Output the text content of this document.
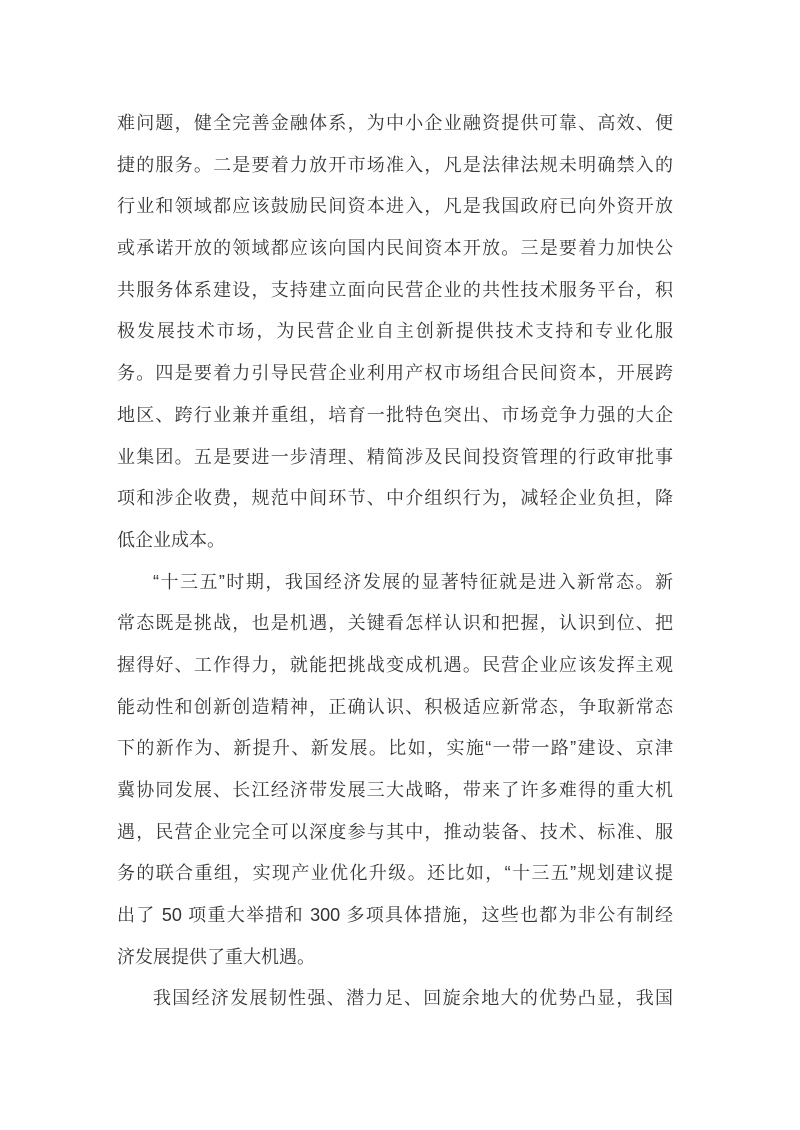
难问题，健全完善金融体系，为中小企业融资提供可靠、高效、便
捷的服务。二是要着力放开市场准入，凡是法律法规未明确禁入的
行业和领域都应该鼓励民间资本进入，凡是我国政府已向外资开放
或承诺开放的领域都应该向国内民间资本开放。三是要着力加快公
共服务体系建设，支持建立面向民营企业的共性技术服务平台，积
极发展技术市场，为民营企业自主创新提供技术支持和专业化服
务。四是要着力引导民营企业利用产权市场组合民间资本，开展跨
地区、跨行业兼并重组，培育一批特色突出、市场竞争力强的大企
业集团。五是要进一步清理、精简涉及民间投资管理的行政审批事
项和涉企收费，规范中间环节、中介组织行为，减轻企业负担，降
低企业成本。
“十三五”时期，我国经济发展的显著特征就是进入新常态。新
常态既是挑战，也是机遇，关键看怎样认识和把握，认识到位、把
握得好、工作得力，就能把挑战变成机遇。民营企业应该发挥主观
能动性和创新创造精神，正确认识、积极适应新常态，争取新常态
下的新作为、新提升、新发展。比如，实施“一带一路”建设、京津
冀协同发展、长江经济带发展三大战略，带来了许多难得的重大机
遇，民营企业完全可以深度参与其中，推动装备、技术、标准、服
务的联合重组，实现产业优化升级。还比如，“十三五”规划建议提
出了 50 项重大举措和 300 多项具体措施，这些也都为非公有制经
济发展提供了重大机遇。
我国经济发展韧性强、潜力足、回旋余地大的优势凸显，我国
